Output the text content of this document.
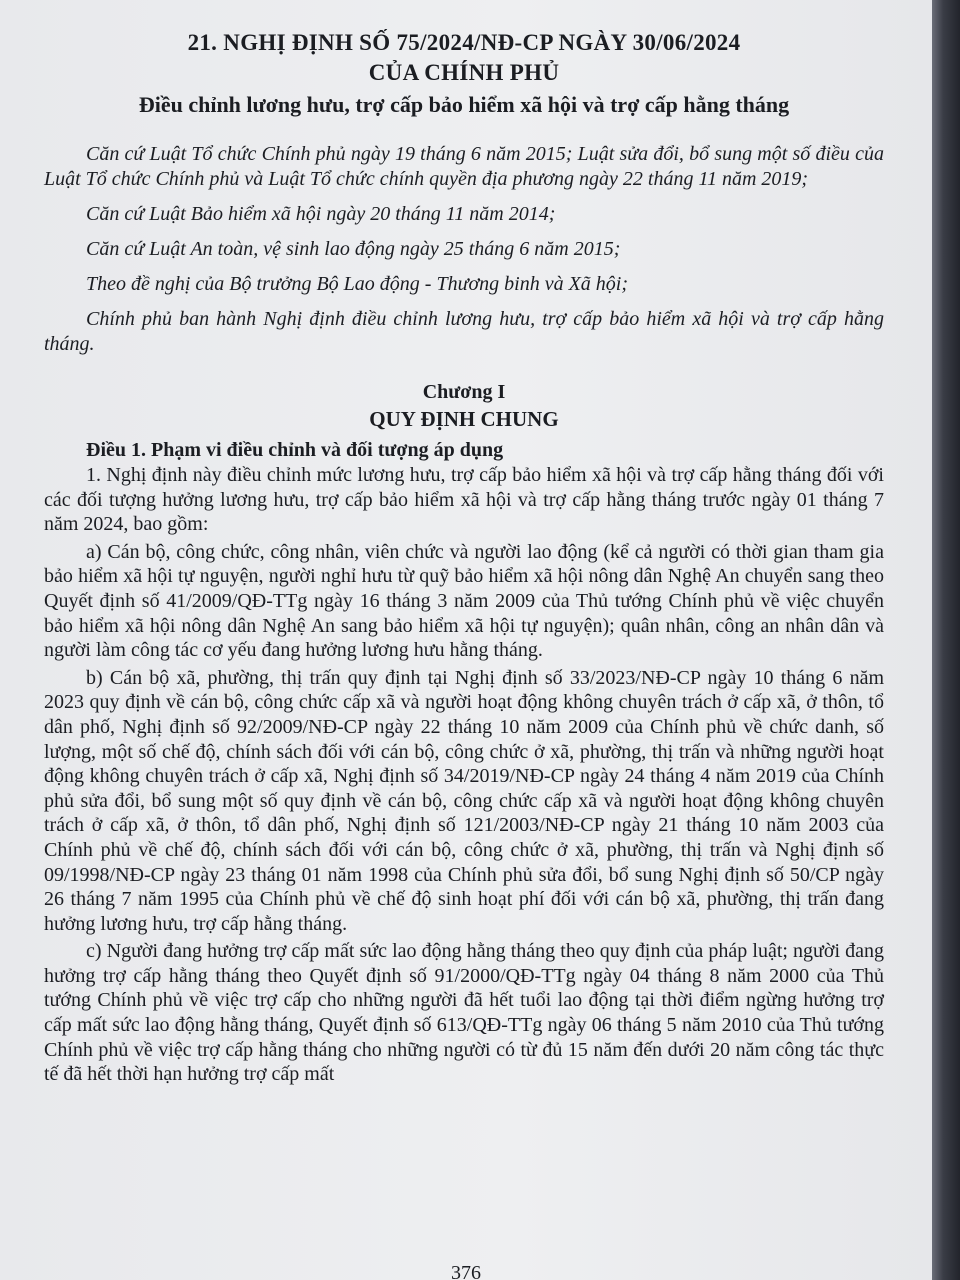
21. NGHỊ ĐỊNH SỐ 75/2024/NĐ-CP NGÀY 30/06/2024
CỦA CHÍNH PHỦ
Điều chỉnh lương hưu, trợ cấp bảo hiểm xã hội và trợ cấp hằng tháng

Căn cứ Luật Tổ chức Chính phủ ngày 19 tháng 6 năm 2015; Luật sửa đổi, bổ sung một số điều của Luật Tổ chức Chính phủ và Luật Tổ chức chính quyền địa phương ngày 22 tháng 11 năm 2019;

Căn cứ Luật Bảo hiểm xã hội ngày 20 tháng 11 năm 2014;

Căn cứ Luật An toàn, vệ sinh lao động ngày 25 tháng 6 năm 2015;

Theo đề nghị của Bộ trưởng Bộ Lao động - Thương binh và Xã hội;

Chính phủ ban hành Nghị định điều chỉnh lương hưu, trợ cấp bảo hiểm xã hội và trợ cấp hằng tháng.

Chương I
QUY ĐỊNH CHUNG
Điều 1. Phạm vi điều chỉnh và đối tượng áp dụng

1. Nghị định này điều chỉnh mức lương hưu, trợ cấp bảo hiểm xã hội và trợ cấp hằng tháng đối với các đối tượng hưởng lương hưu, trợ cấp bảo hiểm xã hội và trợ cấp hằng tháng trước ngày 01 tháng 7 năm 2024, bao gồm:

a) Cán bộ, công chức, công nhân, viên chức và người lao động (kể cả người có thời gian tham gia bảo hiểm xã hội tự nguyện, người nghỉ hưu từ quỹ bảo hiểm xã hội nông dân Nghệ An chuyển sang theo Quyết định số 41/2009/QĐ-TTg ngày 16 tháng 3 năm 2009 của Thủ tướng Chính phủ về việc chuyển bảo hiểm xã hội nông dân Nghệ An sang bảo hiểm xã hội tự nguyện); quân nhân, công an nhân dân và người làm công tác cơ yếu đang hưởng lương hưu hằng tháng.

b) Cán bộ xã, phường, thị trấn quy định tại Nghị định số 33/2023/NĐ-CP ngày 10 tháng 6 năm 2023 quy định về cán bộ, công chức cấp xã và người hoạt động không chuyên trách ở cấp xã, ở thôn, tổ dân phố, Nghị định số 92/2009/NĐ-CP ngày 22 tháng 10 năm 2009 của Chính phủ về chức danh, số lượng, một số chế độ, chính sách đối với cán bộ, công chức ở xã, phường, thị trấn và những người hoạt động không chuyên trách ở cấp xã, Nghị định số 34/2019/NĐ-CP ngày 24 tháng 4 năm 2019 của Chính phủ sửa đổi, bổ sung một số quy định về cán bộ, công chức cấp xã và người hoạt động không chuyên trách ở cấp xã, ở thôn, tổ dân phố, Nghị định số 121/2003/NĐ-CP ngày 21 tháng 10 năm 2003 của Chính phủ về chế độ, chính sách đối với cán bộ, công chức ở xã, phường, thị trấn và Nghị định số 09/1998/NĐ-CP ngày 23 tháng 01 năm 1998 của Chính phủ sửa đổi, bổ sung Nghị định số 50/CP ngày 26 tháng 7 năm 1995 của Chính phủ về chế độ sinh hoạt phí đối với cán bộ xã, phường, thị trấn đang hưởng lương hưu, trợ cấp hằng tháng.

c) Người đang hưởng trợ cấp mất sức lao động hằng tháng theo quy định của pháp luật; người đang hưởng trợ cấp hằng tháng theo Quyết định số 91/2000/QĐ-TTg ngày 04 tháng 8 năm 2000 của Thủ tướng Chính phủ về việc trợ cấp cho những người đã hết tuổi lao động tại thời điểm ngừng hưởng trợ cấp mất sức lao động hằng tháng, Quyết định số 613/QĐ-TTg ngày 06 tháng 5 năm 2010 của Thủ tướng Chính phủ về việc trợ cấp hằng tháng cho những người có từ đủ 15 năm đến dưới 20 năm công tác thực tế đã hết thời hạn hưởng trợ cấp mất

376
